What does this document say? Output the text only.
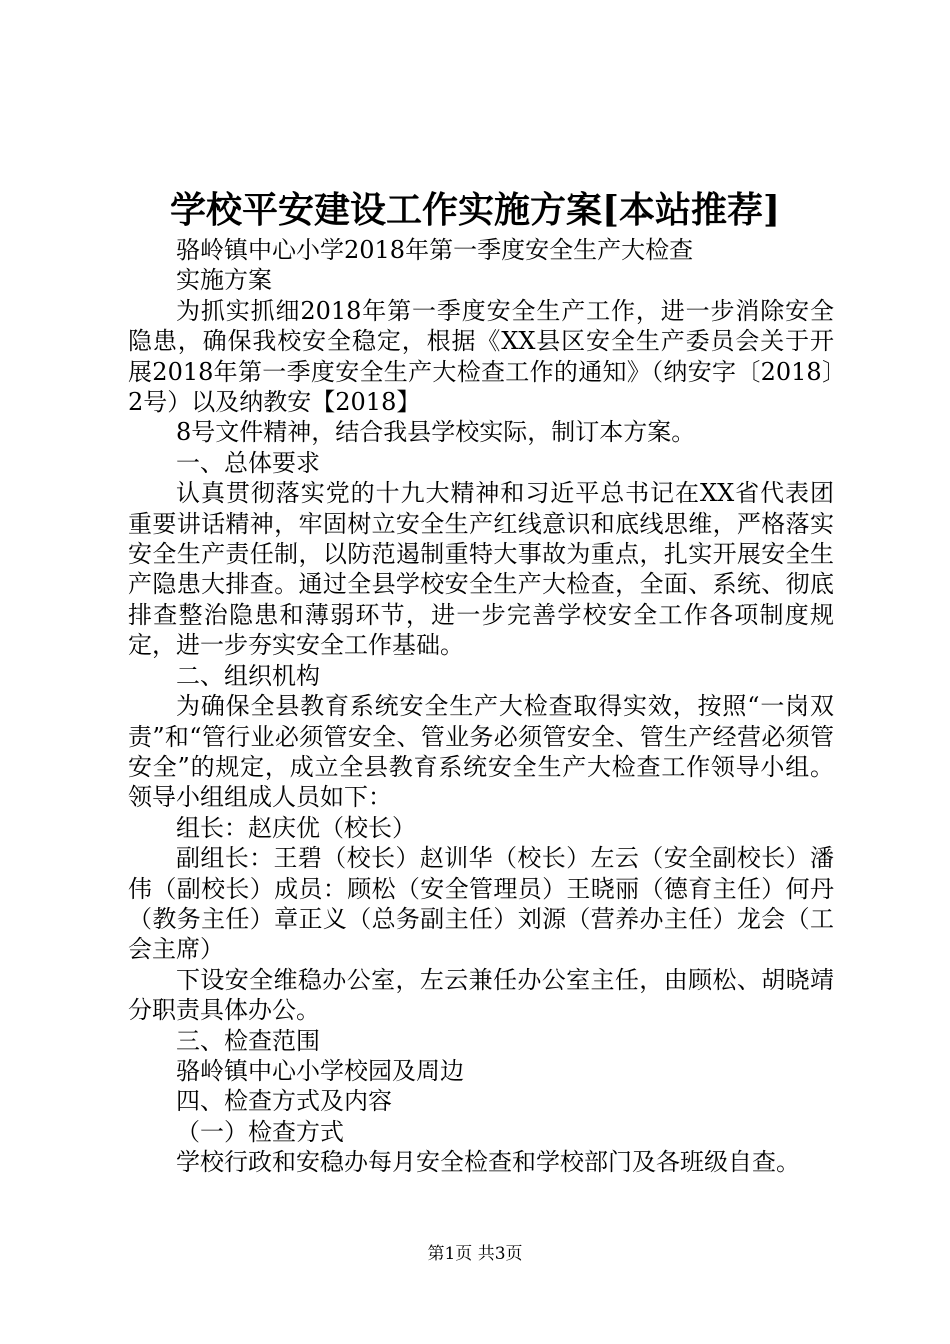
学校平安建设工作实施方案[本站推荐]

骆岭镇中心小学2018年第一季度安全生产大检查

实施方案

为抓实抓细2018年第一季度安全生产工作，进一步消除安全隐患，确保我校安全稳定，根据《XX县区安全生产委员会关于开展2018年第一季度安全生产大检查工作的通知》（纳安字〔2018〕2号）以及纳教安【2018】

8号文件精神，结合我县学校实际，制订本方案。

一、总体要求

认真贯彻落实党的十九大精神和习近平总书记在XX省代表团重要讲话精神，牢固树立安全生产红线意识和底线思维，严格落实安全生产责任制，以防范遏制重特大事故为重点，扎实开展安全生产隐患大排查。通过全县学校安全生产大检查，全面、系统、彻底排查整治隐患和薄弱环节，进一步完善学校安全工作各项制度规定，进一步夯实安全工作基础。

二、组织机构

为确保全县教育系统安全生产大检查取得实效，按照“一岗双责”和“管行业必须管安全、管业务必须管安全、管生产经营必须管安全”的规定，成立全县教育系统安全生产大检查工作领导小组。领导小组组成人员如下：

组长：赵庆优（校长）

副组长：王碧（校长）赵训华（校长）左云（安全副校长）潘伟（副校长）成员：顾松（安全管理员）王晓丽（德育主任）何丹（教务主任）章正义（总务副主任）刘源（营养办主任）龙会（工会主席）

下设安全维稳办公室，左云兼任办公室主任，由顾松、胡晓靖分职责具体办公。

三、检查范围

骆岭镇中心小学校园及周边

四、检查方式及内容

（一）检查方式

学校行政和安稳办每月安全检查和学校部门及各班级自查。

第1页 共3页
